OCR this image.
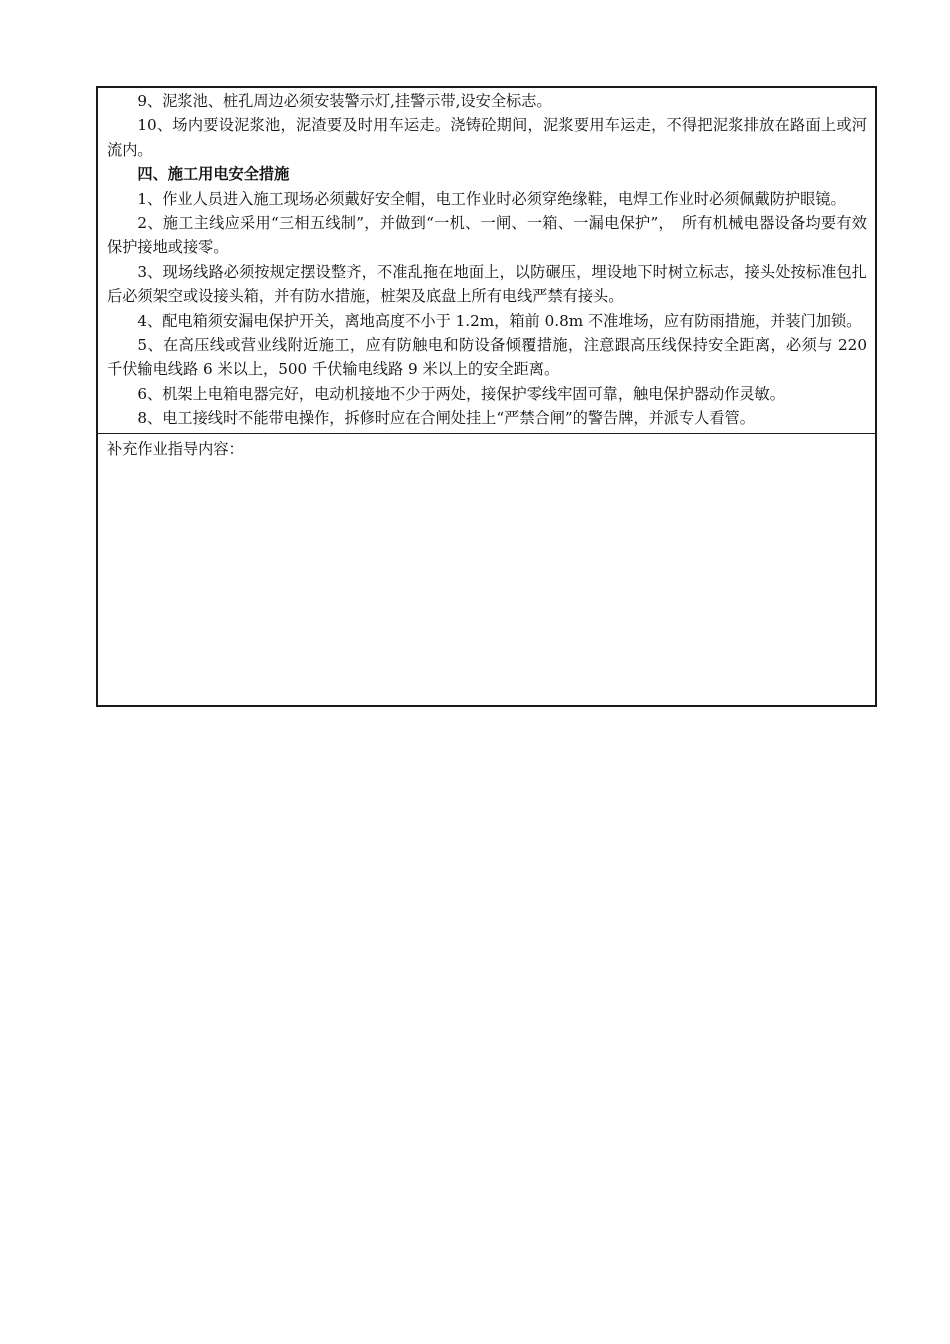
9、泥浆池、桩孔周边必须安装警示灯,挂警示带,设安全标志。

10、场内要设泥浆池，泥渣要及时用车运走。浇铸砼期间，泥浆要用车运走，不得把泥浆排放在路面上或河流内。

四、施工用电安全措施

1、作业人员进入施工现场必须戴好安全帽，电工作业时必须穿绝缘鞋，电焊工作业时必须佩戴防护眼镜。

2、施工主线应采用“三相五线制”，并做到“一机、一闸、一箱、一漏电保护”，　所有机械电器设备均要有效保护接地或接零。

3、现场线路必须按规定摆设整齐，不准乱拖在地面上，以防碾压，埋设地下时树立标志，接头处按标准包扎后必须架空或设接头箱，并有防水措施，桩架及底盘上所有电线严禁有接头。

4、配电箱须安漏电保护开关，离地高度不小于 1.2m，箱前 0.8m 不准堆场，应有防雨措施，并装门加锁。

5、在高压线或营业线附近施工，应有防触电和防设备倾覆措施，注意跟高压线保持安全距离，必须与 220 千伏输电线路 6 米以上，500 千伏输电线路 9 米以上的安全距离。

6、机架上电箱电器完好，电动机接地不少于两处，接保护零线牢固可靠，触电保护器动作灵敏。

8、电工接线时不能带电操作，拆修时应在合闸处挂上“严禁合闸”的警告牌，并派专人看管。

补充作业指导内容：
